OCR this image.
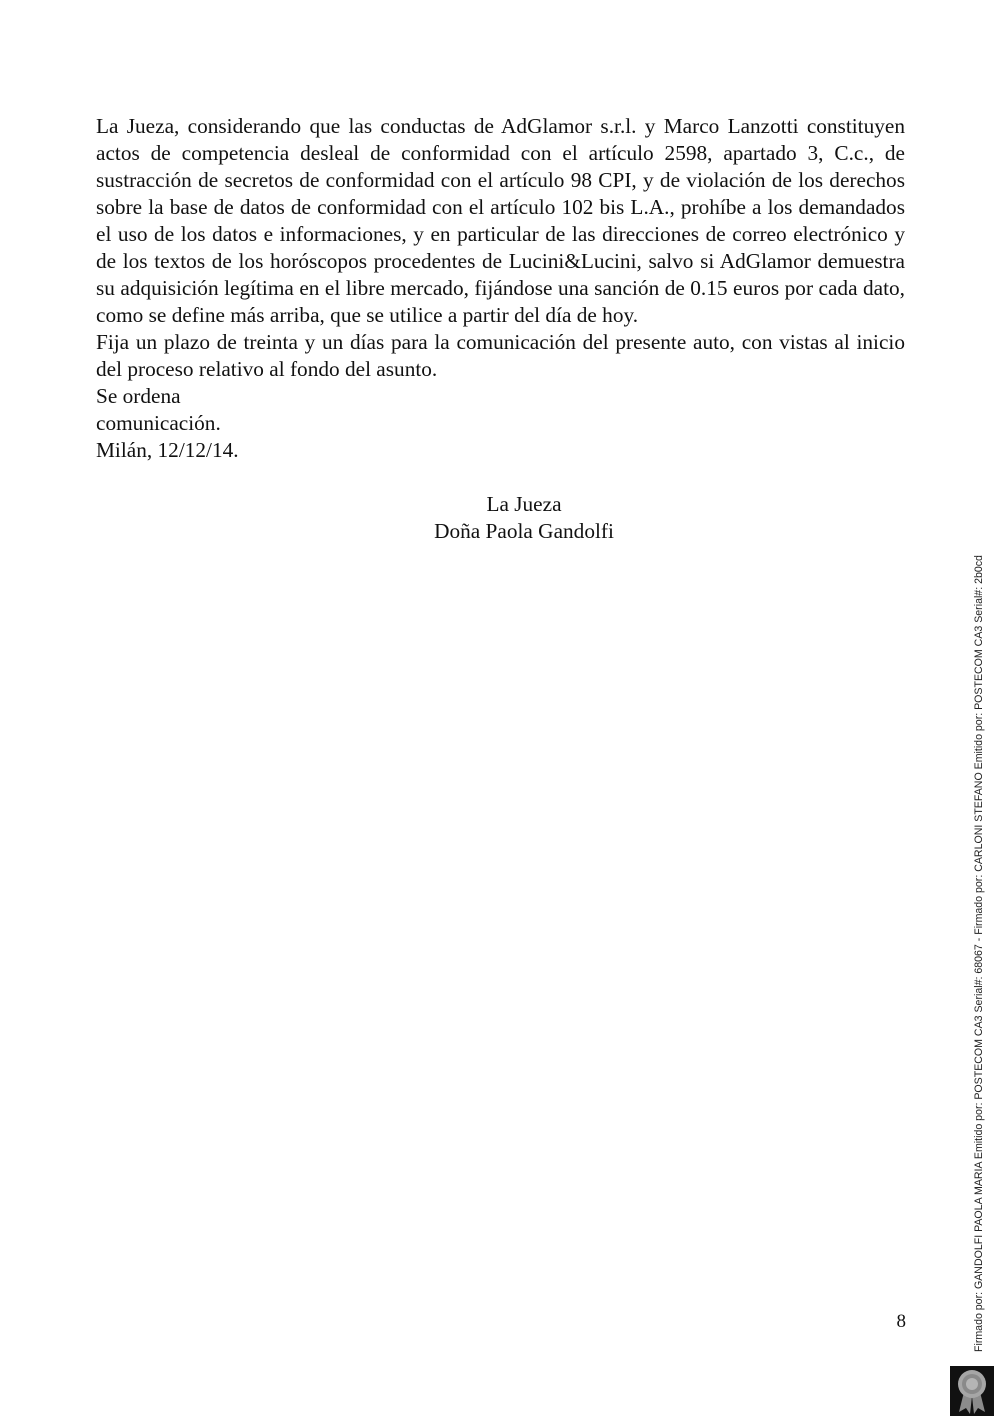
La Jueza, considerando que las conductas de AdGlamor s.r.l. y Marco Lanzotti constituyen actos de competencia desleal de conformidad con el artículo 2598, apartado 3, C.c., de sustracción de secretos de conformidad con el artículo 98 CPI, y de violación de los derechos sobre la base de datos de conformidad con el artículo 102 bis L.A., prohíbe a los demandados el uso de los datos e informaciones, y en particular de las direcciones de correo electrónico y de los textos de los horóscopos procedentes de Lucini&Lucini, salvo si AdGlamor demuestra su adquisición legítima en el libre mercado, fijándose una sanción de 0.15 euros por cada dato, como se define más arriba, que se utilice a partir del día de hoy.

Fija un plazo de treinta y un días para la comunicación del presente auto, con vistas al inicio del proceso relativo al fondo del asunto.

Se ordena

comunicación.

Milán, 12/12/14.

La Jueza
Doña Paola Gandolfi
8	Firmado por: GANDOLFI PAOLA MARIA Emitido por: POSTECOM CA3 Serial#: 68067 - Firmado por: CARLONI STEFANO Emitido por: POSTECOM CA3 Serial#: 2b0cd
